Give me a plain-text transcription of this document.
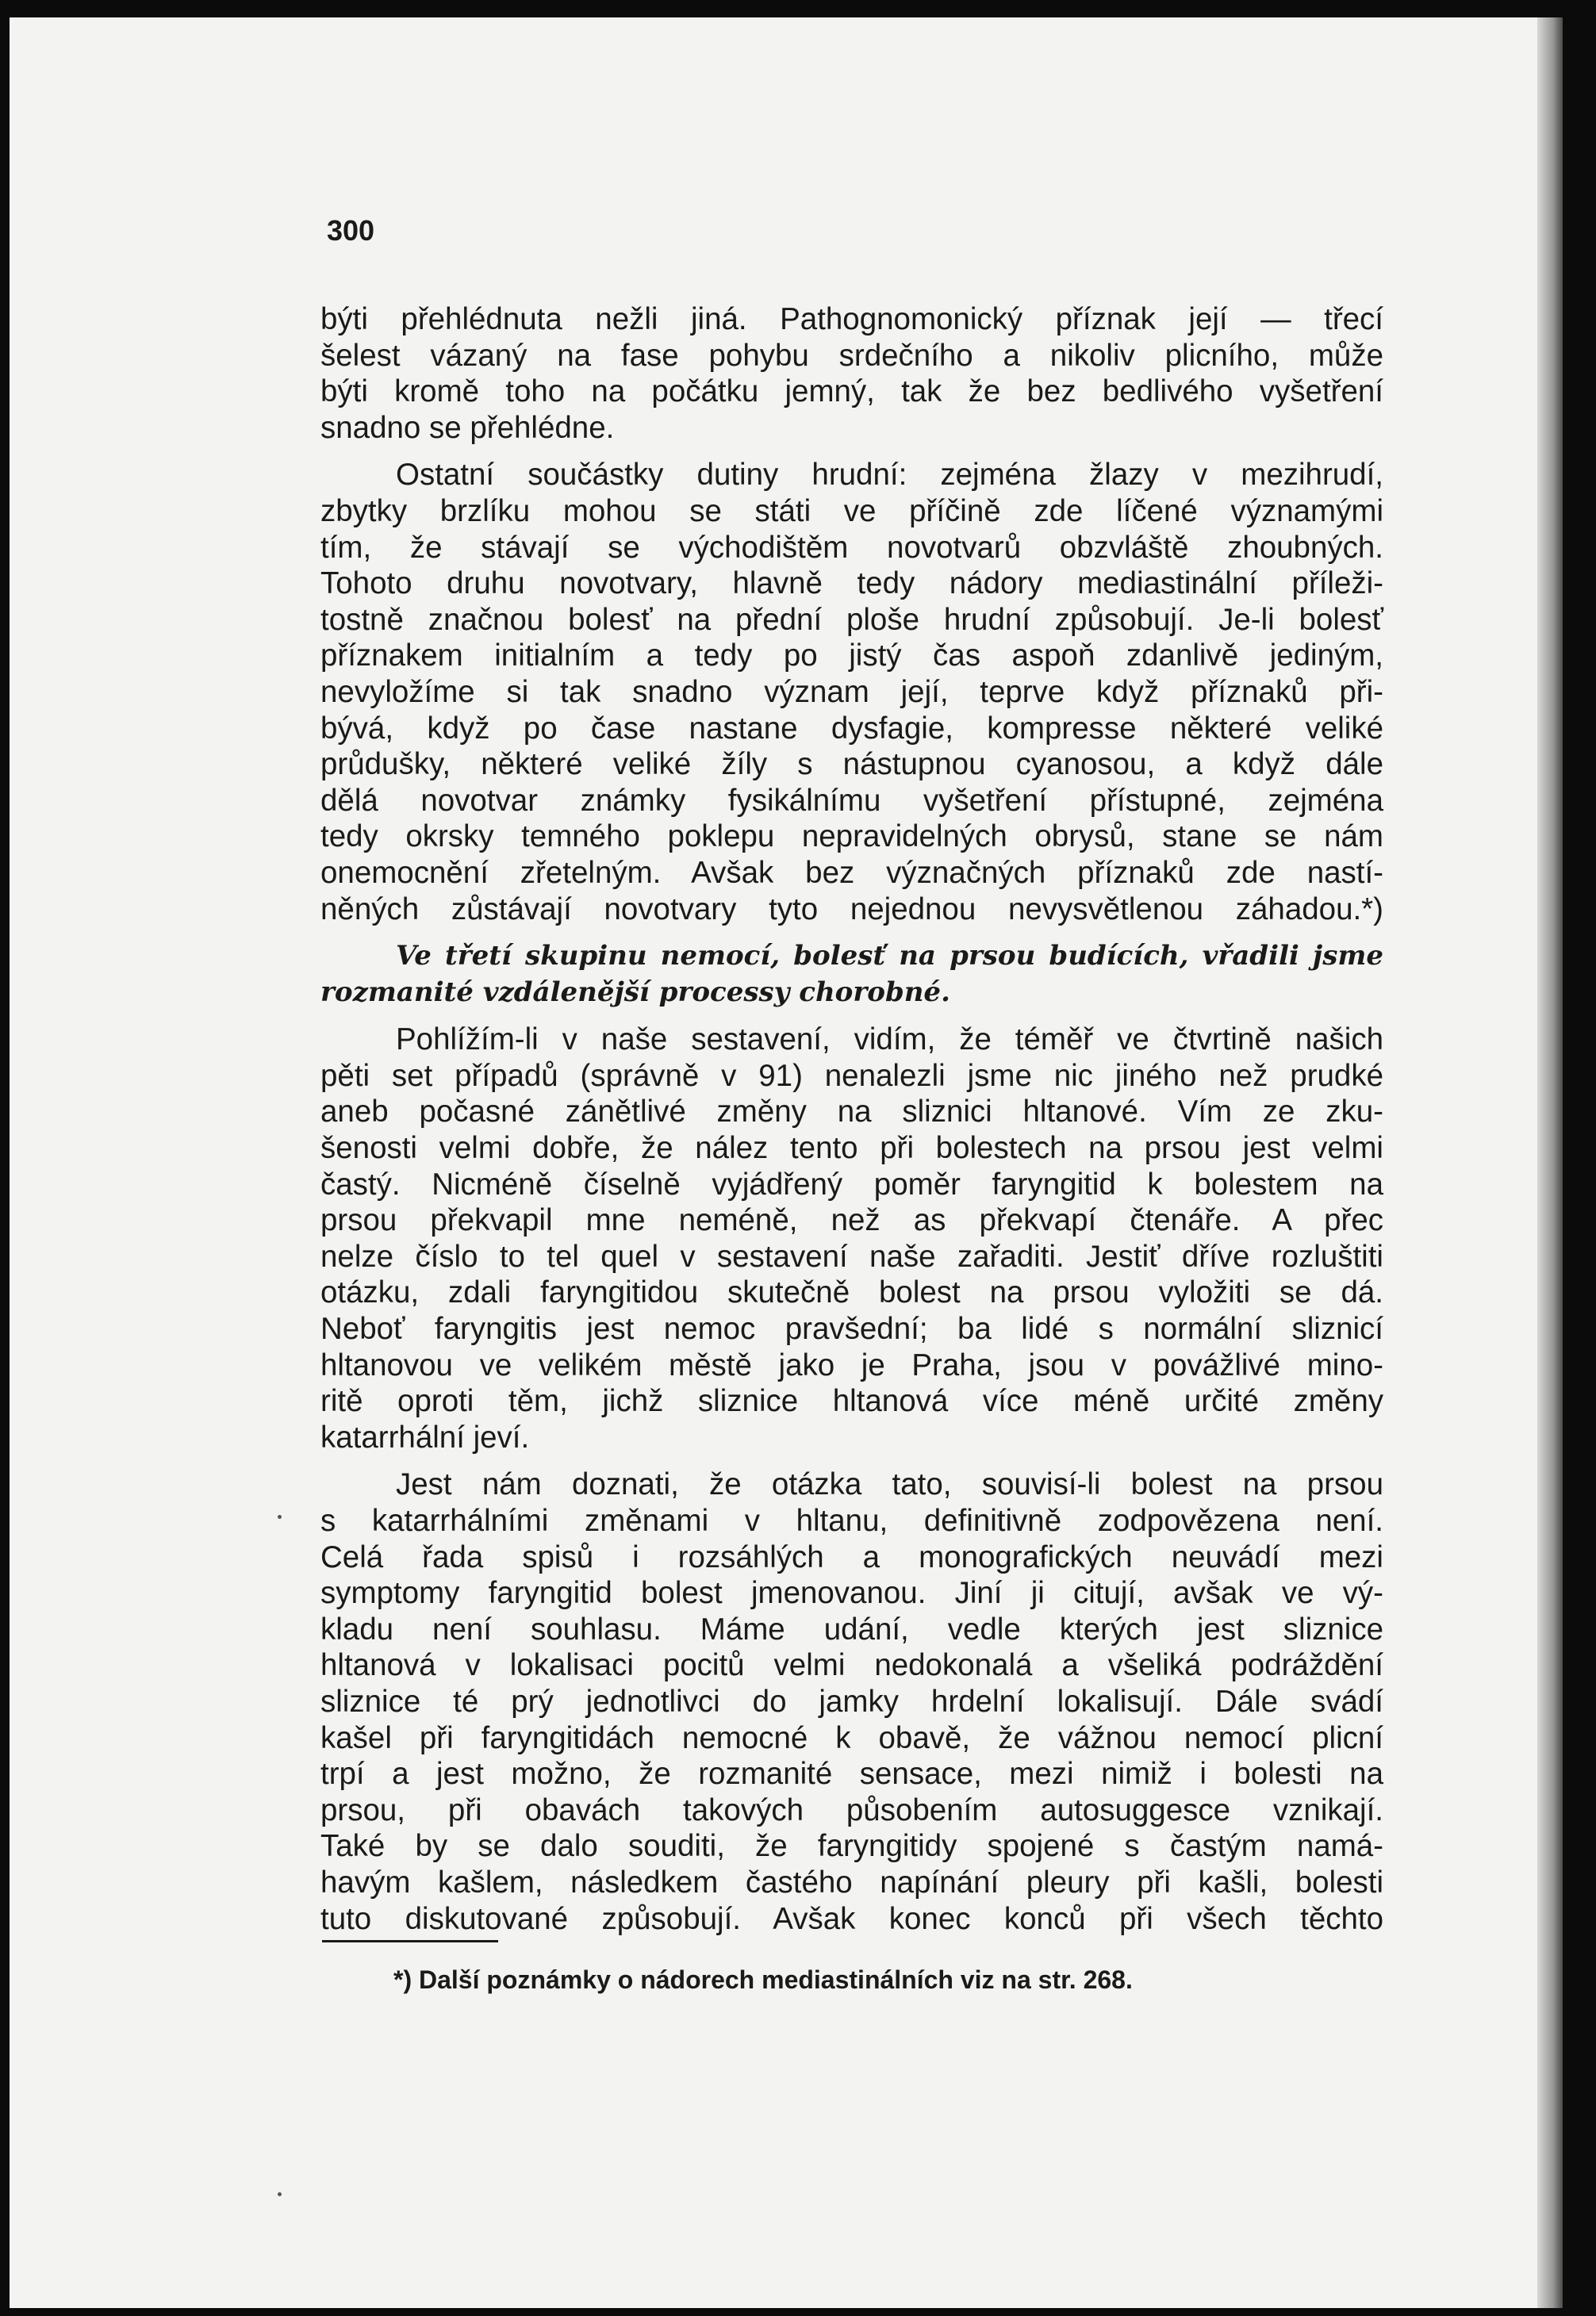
300
býti přehlédnuta nežli jiná. Pathognomonický příznak její — třecí
šelest vázaný na fase pohybu srdečního a nikoliv plicního, může
býti kromě toho na počátku jemný, tak že bez bedlivého vyšetření
snadno se přehlédne.
Ostatní součástky dutiny hrudní: zejména žlazy v mezihrudí,
zbytky brzlíku mohou se státi ve příčině zde líčené významými
tím, že stávají se východištěm novotvarů obzvláště zhoubných.
Tohoto druhu novotvary, hlavně tedy nádory mediastinální příleži-
tostně značnou bolesť na přední ploše hrudní způsobují. Je-li bolesť
příznakem initialním a tedy po jistý čas aspoň zdanlivě jediným,
nevyložíme si tak snadno význam její, teprve když příznaků při-
bývá, když po čase nastane dysfagie, kompresse některé veliké
průdušky, některé veliké žíly s nástupnou cyanosou, a když dále
dělá novotvar známky fysikálnímu vyšetření přístupné, zejména
tedy okrsky temného poklepu nepravidelných obrysů, stane se nám
onemocnění zřetelným. Avšak bez význačných příznaků zde nastí-
něných zůstávají novotvary tyto nejednou nevysvětlenou záhadou.*)
Ve třetí skupinu nemocí, bolesť na prsou budících, vřadili jsme
rozmanité vzdálenější processy chorobné.
Pohlížím-li v naše sestavení, vidím, že téměř ve čtvrtině našich
pěti set případů (správně v 91) nenalezli jsme nic jiného než prudké
aneb počasné zánětlivé změny na sliznici hltanové. Vím ze zku-
šenosti velmi dobře, že nález tento při bolestech na prsou jest velmi
častý. Nicméně číselně vyjádřený poměr faryngitid k bolestem na
prsou překvapil mne neméně, než as překvapí čtenáře. A přec
nelze číslo to tel quel v sestavení naše zařaditi. Jestiť dříve rozluštiti
otázku, zdali faryngitidou skutečně bolest na prsou vyložiti se dá.
Neboť faryngitis jest nemoc pravšední; ba lidé s normální sliznicí
hltanovou ve velikém městě jako je Praha, jsou v povážlivé mino-
ritě oproti těm, jichž sliznice hltanová více méně určité změny
katarrhální jeví.
Jest nám doznati, že otázka tato, souvisí-li bolest na prsou
s katarrhálními změnami v hltanu, definitivně zodpovězena není.
Celá řada spisů i rozsáhlých a monografických neuvádí mezi
symptomy faryngitid bolest jmenovanou. Jiní ji citují, avšak ve vý-
kladu není souhlasu. Máme udání, vedle kterých jest sliznice
hltanová v lokalisaci pocitů velmi nedokonalá a všeliká podráždění
sliznice té prý jednotlivci do jamky hrdelní lokalisují. Dále svádí
kašel při faryngitidách nemocné k obavě, že vážnou nemocí plicní
trpí a jest možno, že rozmanité sensace, mezi nimiž i bolesti na
prsou, při obavách takových působením autosuggesce vznikají.
Také by se dalo souditi, že faryngitidy spojené s častým namá-
havým kašlem, následkem častého napínání pleury při kašli, bolesti
tuto diskutované způsobují. Avšak konec konců při všech těchto
*) Další poznámky o nádorech mediastinálních viz na str. 268.
